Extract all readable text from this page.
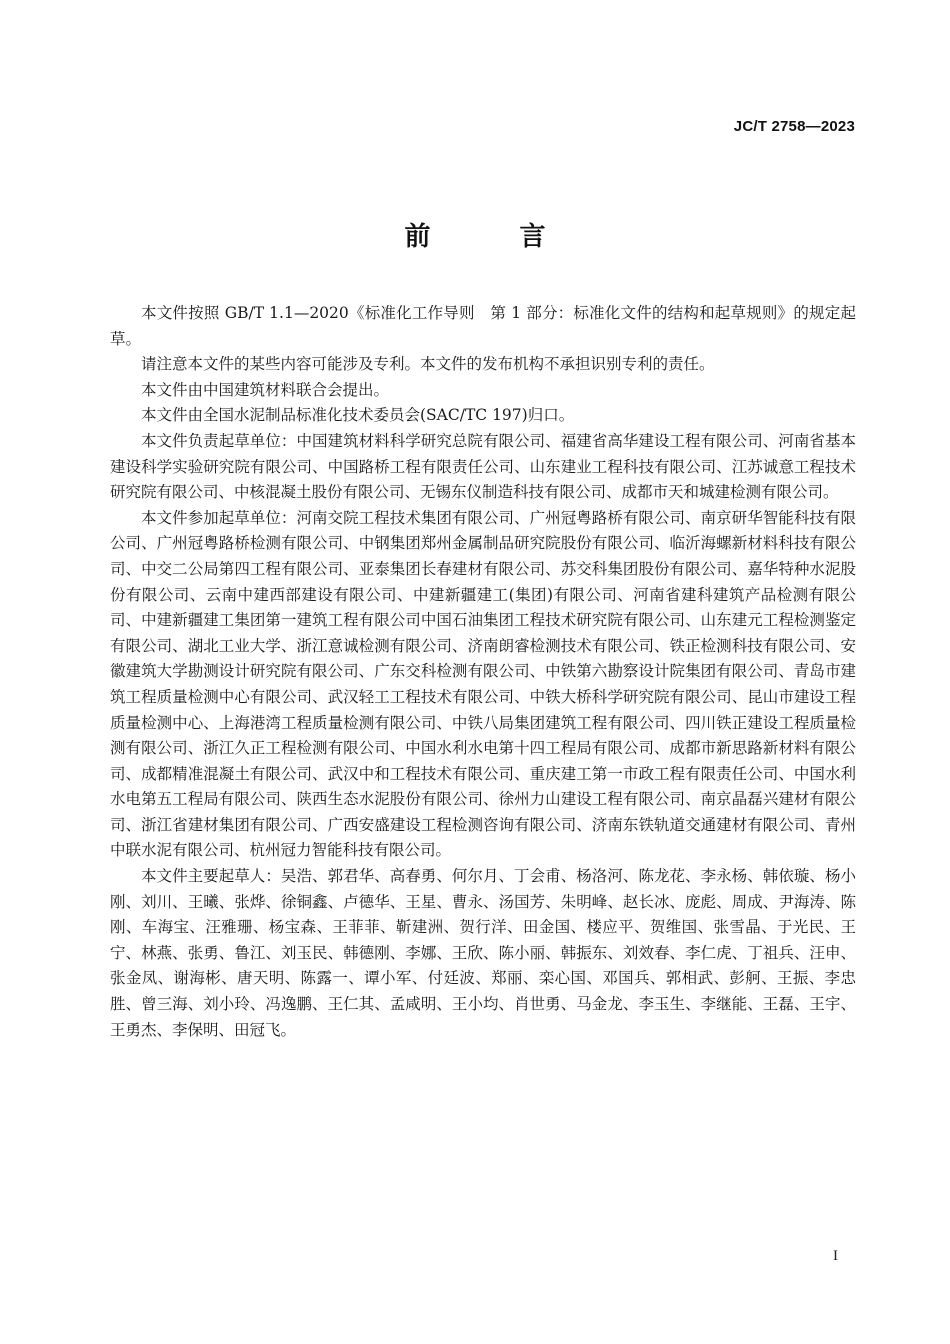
JC/T 2758—2023
前 言

本文件按照 GB/T 1.1—2020《标准化工作导则　第 1 部分：标准化文件的结构和起草规则》的规定起草。

请注意本文件的某些内容可能涉及专利。本文件的发布机构不承担识别专利的责任。

本文件由中国建筑材料联合会提出。

本文件由全国水泥制品标准化技术委员会(SAC/TC 197)归口。

本文件负责起草单位：中国建筑材料科学研究总院有限公司、福建省高华建设工程有限公司、河南省基本建设科学实验研究院有限公司、中国路桥工程有限责任公司、山东建业工程科技有限公司、江苏诚意工程技术研究院有限公司、中核混凝土股份有限公司、无锡东仪制造科技有限公司、成都市天和城建检测有限公司。

本文件参加起草单位：河南交院工程技术集团有限公司、广州冠粤路桥有限公司、南京研华智能科技有限公司、广州冠粤路桥检测有限公司、中钢集团郑州金属制品研究院股份有限公司、临沂海螺新材料科技有限公司、中交二公局第四工程有限公司、亚泰集团长春建材有限公司、苏交科集团股份有限公司、嘉华特种水泥股份有限公司、云南中建西部建设有限公司、中建新疆建工(集团)有限公司、河南省建科建筑产品检测有限公司、中建新疆建工集团第一建筑工程有限公司中国石油集团工程技术研究院有限公司、山东建元工程检测鉴定有限公司、湖北工业大学、浙江意诚检测有限公司、济南朗睿检测技术有限公司、铁正检测科技有限公司、安徽建筑大学勘测设计研究院有限公司、广东交科检测有限公司、中铁第六勘察设计院集团有限公司、青岛市建筑工程质量检测中心有限公司、武汉轻工工程技术有限公司、中铁大桥科学研究院有限公司、昆山市建设工程质量检测中心、上海港湾工程质量检测有限公司、中铁八局集团建筑工程有限公司、四川铁正建设工程质量检测有限公司、浙江久正工程检测有限公司、中国水利水电第十四工程局有限公司、成都市新思路新材料有限公司、成都精准混凝土有限公司、武汉中和工程技术有限公司、重庆建工第一市政工程有限责任公司、中国水利水电第五工程局有限公司、陕西生态水泥股份有限公司、徐州力山建设工程有限公司、南京晶磊兴建材有限公司、浙江省建材集团有限公司、广西安盛建设工程检测咨询有限公司、济南东铁轨道交通建材有限公司、青州中联水泥有限公司、杭州冠力智能科技有限公司。

本文件主要起草人：吴浩、郭君华、高春勇、何尔月、丁会甫、杨洛河、陈龙花、李永杨、韩依璇、杨小刚、刘川、王曦、张烨、徐铜鑫、卢德华、王星、曹永、汤国芳、朱明峰、赵长冰、庞彪、周成、尹海涛、陈刚、车海宝、汪雅珊、杨宝森、王菲菲、靳建洲、贺行洋、田金国、楼应平、贺维国、张雪晶、于光民、王宁、林燕、张勇、鲁江、刘玉民、韩德刚、李娜、王欣、陈小丽、韩振东、刘效春、李仁虎、丁祖兵、汪申、张金凤、谢海彬、唐天明、陈露一、谭小军、付廷波、郑丽、栾心国、邓国兵、郭相武、彭舸、王振、李忠胜、曾三海、刘小玲、冯逸鹏、王仁其、孟咸明、王小均、肖世勇、马金龙、李玉生、李继能、王磊、王宇、王勇杰、李保明、田冠飞。

I
